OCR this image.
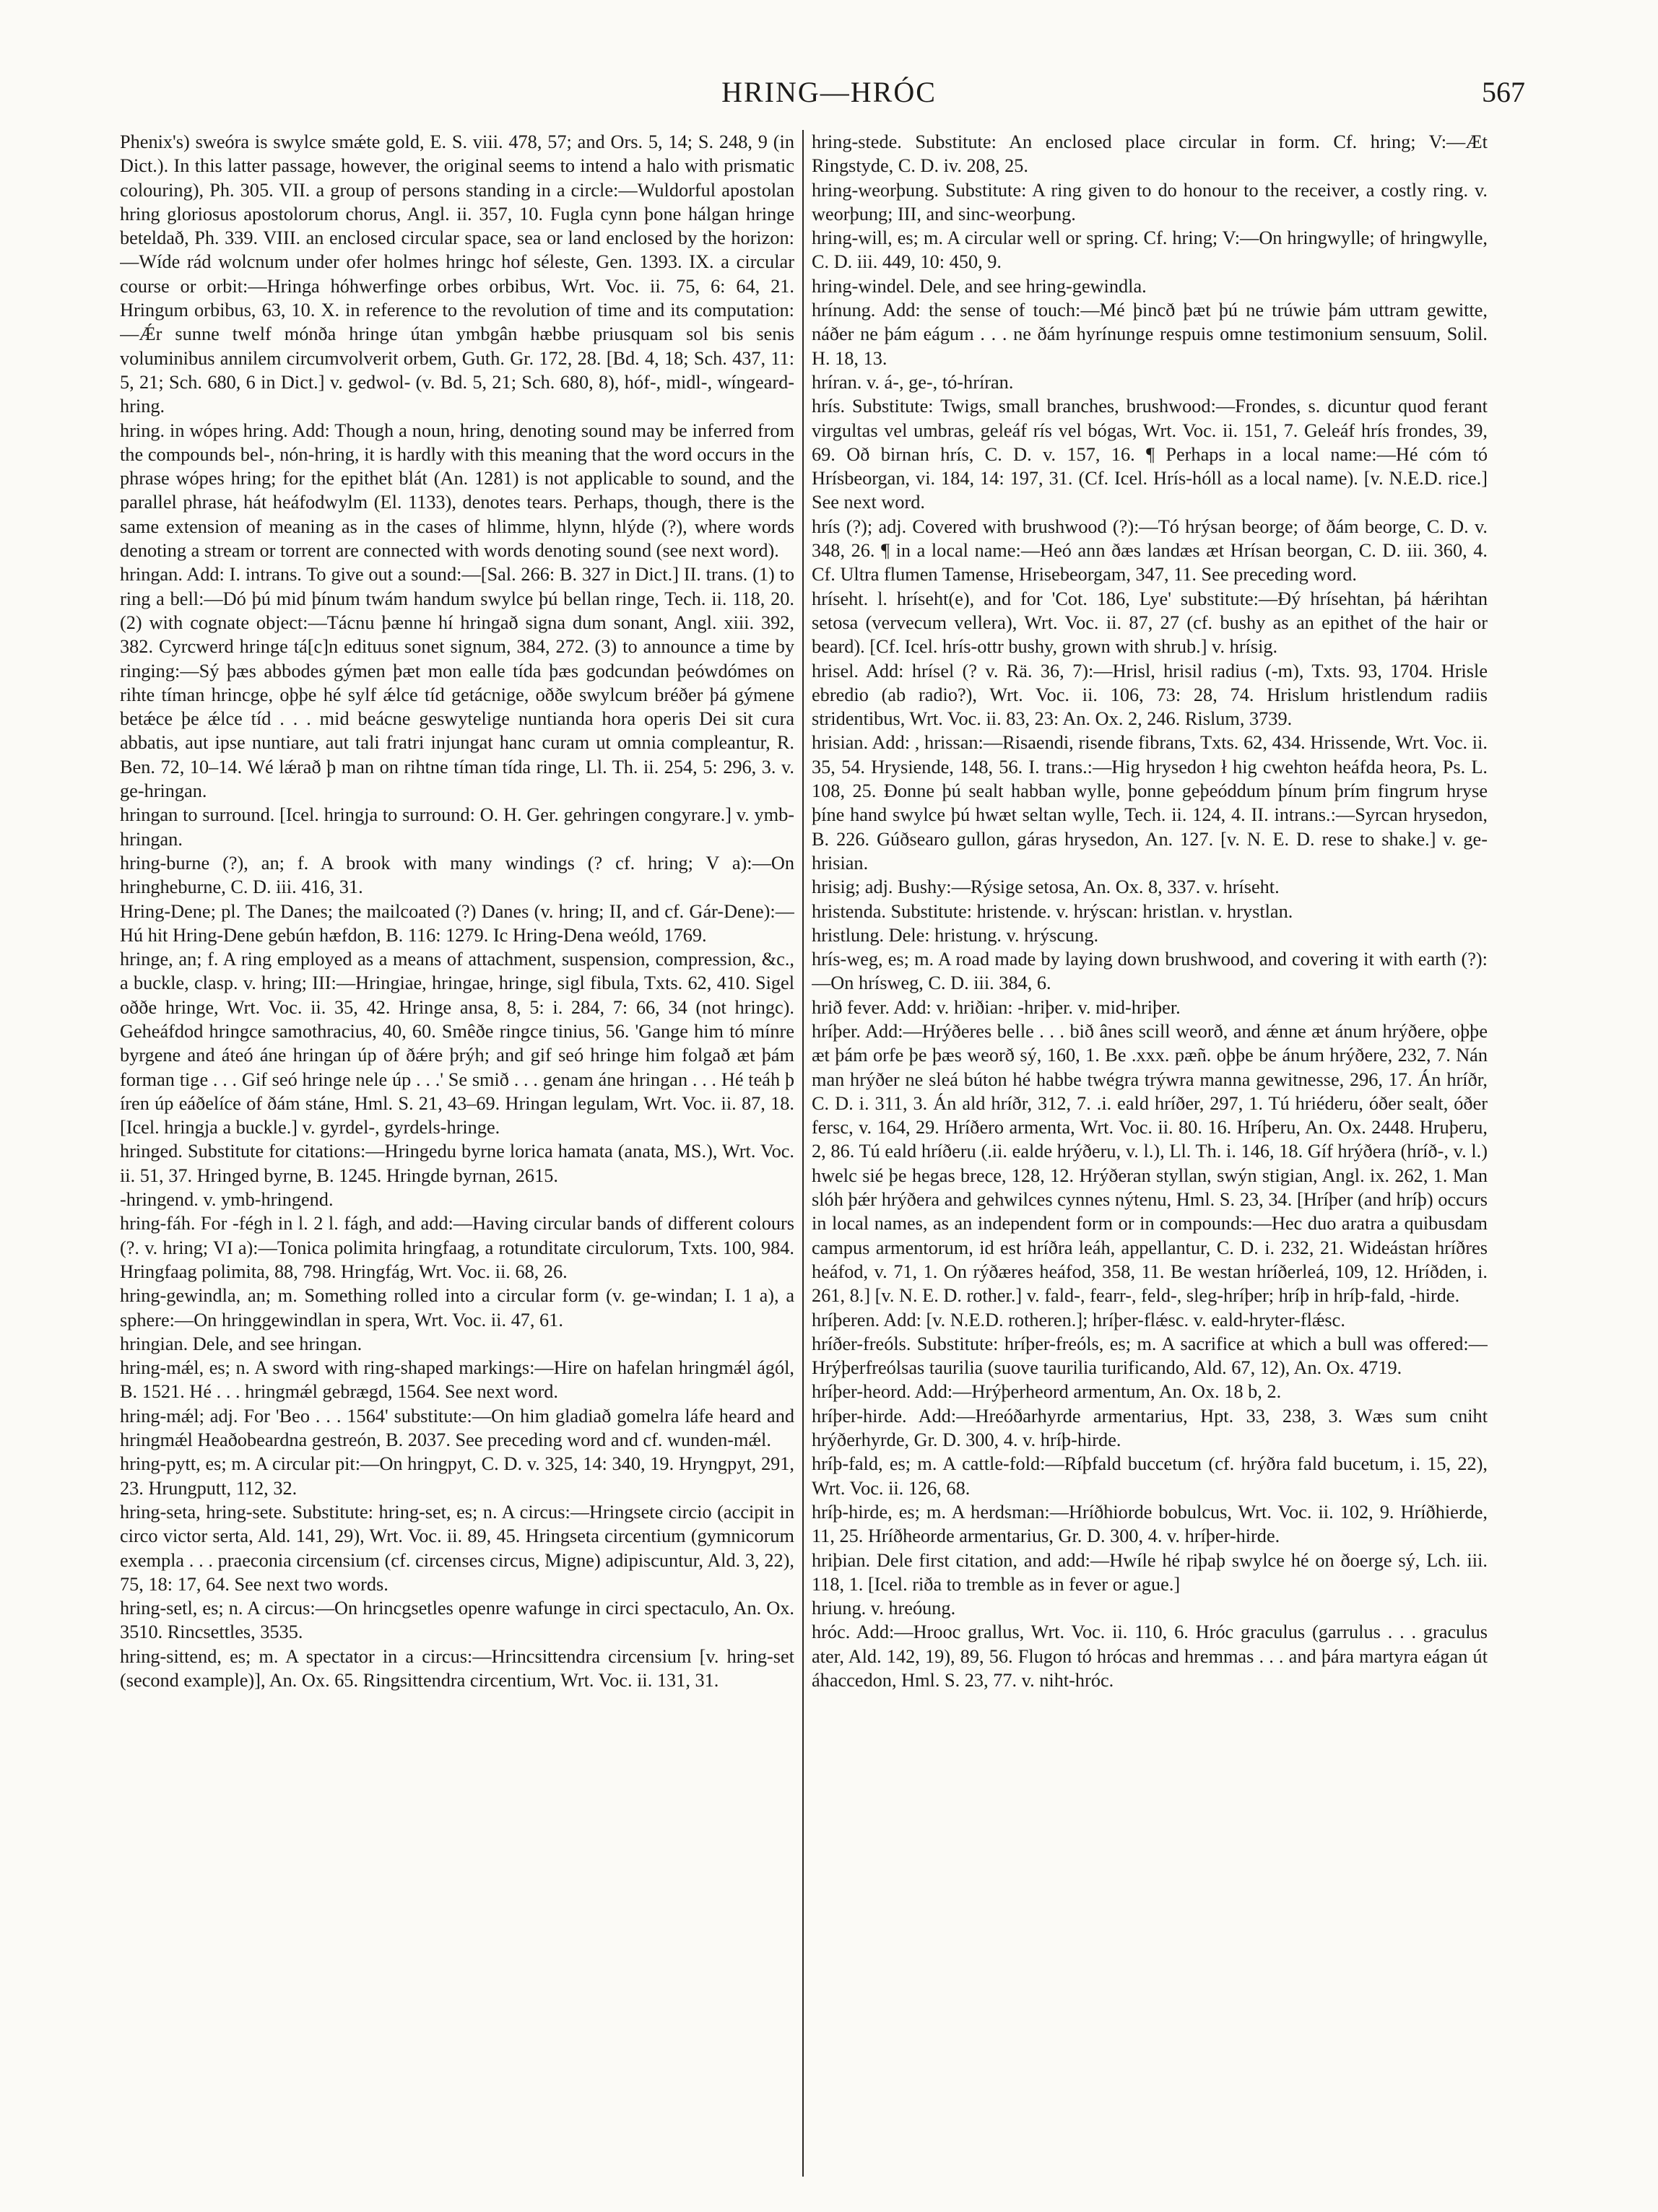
HRING—HRÓC	567

Phenix's) sweóra is swylce smǽte gold, E. S. viii. 478, 57; and Ors. 5, 14; S. 248, 9 (in Dict.). In this latter passage, however, the original seems to intend a halo with prismatic colouring), Ph. 305. VII. a group of persons standing in a circle:—Wuldorful apostolan hring gloriosus apostolorum chorus, Angl. ii. 357, 10. Fugla cynn þone hálgan hringe beteldað, Ph. 339. VIII. an enclosed circular space, sea or land enclosed by the horizon:—Wíde rád wolcnum under ofer holmes hringc hof séleste, Gen. 1393. IX. a circular course or orbit:—Hringa hóhwerfinge orbes orbibus, Wrt. Voc. ii. 75, 6: 64, 21. Hringum orbibus, 63, 10. X. in reference to the revolution of time and its computation:—Ǽr sunne twelf mónða hringe útan ymbgân hæbbe priusquam sol bis senis voluminibus annilem circumvolverit orbem, Guth. Gr. 172, 28. [Bd. 4, 18; Sch. 437, 11: 5, 21; Sch. 680, 6 in Dict.] v. gedwol- (v. Bd. 5, 21; Sch. 680, 8), hóf-, midl-, wíngeard-hring.

hring. in wópes hring. Add: Though a noun, hring, denoting sound may be inferred from the compounds bel-, nón-hring, it is hardly with this meaning that the word occurs in the phrase wópes hring; for the epithet blát (An. 1281) is not applicable to sound, and the parallel phrase, hát heáfodwylm (El. 1133), denotes tears. Perhaps, though, there is the same extension of meaning as in the cases of hlimme, hlynn, hlýde (?), where words denoting a stream or torrent are connected with words denoting sound (see next word).

hringan. Add: I. intrans. To give out a sound:—[Sal. 266: B. 327 in Dict.] II. trans. (1) to ring a bell:—Dó þú mid þínum twám handum swylce þú bellan ringe, Tech. ii. 118, 20. (2) with cognate object:—Tácnu þænne hí hringað signa dum sonant, Angl. xiii. 392, 382. Cyrcwerd hringe tá[c]n edituus sonet signum, 384, 272. (3) to announce a time by ringing:—Sý þæs abbodes gýmen þæt mon ealle tída þæs godcundan þeówdómes on rihte tíman hrincge, oþþe hé sylf ǽlce tíd getácnige, oððe swylcum bréðer þá gýmene betǽce þe ǽlce tíd . . . mid beácne geswytelige nuntianda hora operis Dei sit cura abbatis, aut ipse nuntiare, aut tali fratri injungat hanc curam ut omnia compleantur, R. Ben. 72, 10–14. Wé lǽrað þ man on rihtne tíman tída ringe, Ll. Th. ii. 254, 5: 296, 3. v. ge-hringan.

hringan to surround. [Icel. hringja to surround: O. H. Ger. gehringen congyrare.] v. ymb-hringan.

hring-burne (?), an; f. A brook with many windings (? cf. hring; V a):—On hringheburne, C. D. iii. 416, 31.

Hring-Dene; pl. The Danes; the mailcoated (?) Danes (v. hring; II, and cf. Gár-Dene):—Hú hit Hring-Dene gebún hæfdon, B. 116: 1279. Ic Hring-Dena weóld, 1769.

hringe, an; f. A ring employed as a means of attachment, suspension, compression, &c., a buckle, clasp. v. hring; III:—Hringiae, hringae, hringe, sigl fibula, Txts. 62, 410. Sigel oððe hringe, Wrt. Voc. ii. 35, 42. Hringe ansa, 8, 5: i. 284, 7: 66, 34 (not hringc). Geheáfdod hringce samothracius, 40, 60. Smêðe ringce tinius, 56. 'Gange him tó mínre byrgene and áteó áne hringan úp of ðǽre þrýh; and gif seó hringe him folgað æt þám forman tige . . . Gif seó hringe nele úp . . .' Se smið . . . genam áne hringan . . . Hé teáh þ íren úp eáðelíce of ðám stáne, Hml. S. 21, 43–69. Hringan legulam, Wrt. Voc. ii. 87, 18. [Icel. hringja a buckle.] v. gyrdel-, gyrdels-hringe.

hringed. Substitute for citations:—Hringedu byrne lorica hamata (anata, MS.), Wrt. Voc. ii. 51, 37. Hringed byrne, B. 1245. Hringde byrnan, 2615.

-hringend. v. ymb-hringend.

hring-fáh. For -fégh in l. 2 l. fágh, and add:—Having circular bands of different colours (?. v. hring; VI a):—Tonica polimita hringfaag, a rotunditate circulorum, Txts. 100, 984. Hringfaag polimita, 88, 798. Hringfág, Wrt. Voc. ii. 68, 26.

hring-gewindla, an; m. Something rolled into a circular form (v. ge-windan; I. 1 a), a sphere:—On hringgewindlan in spera, Wrt. Voc. ii. 47, 61.

hringian. Dele, and see hringan.

hring-mǽl, es; n. A sword with ring-shaped markings:—Hire on hafelan hringmǽl ágól, B. 1521. Hé . . . hringmǽl gebrægd, 1564. See next word.

hring-mǽl; adj. For 'Beo . . . 1564' substitute:—On him gladiað gomelra láfe heard and hringmǽl Heaðobeardna gestreón, B. 2037. See preceding word and cf. wunden-mǽl.

hring-pytt, es; m. A circular pit:—On hringpyt, C. D. v. 325, 14: 340, 19. Hryngpyt, 291, 23. Hrungputt, 112, 32.

hring-seta, hring-sete. Substitute: hring-set, es; n. A circus:—Hringsete circio (accipit in circo victor serta, Ald. 141, 29), Wrt. Voc. ii. 89, 45. Hringseta circentium (gymnicorum exempla . . . praeconia circensium (cf. circenses circus, Migne) adipiscuntur, Ald. 3, 22), 75, 18: 17, 64. See next two words.

hring-setl, es; n. A circus:—On hrincgsetles openre wafunge in circi spectaculo, An. Ox. 3510. Rincsettles, 3535.

hring-sittend, es; m. A spectator in a circus:—Hrincsittendra circensium [v. hring-set (second example)], An. Ox. 65. Ringsittendra circentium, Wrt. Voc. ii. 131, 31.

hring-stede. Substitute: An enclosed place circular in form. Cf. hring; V:—Æt Ringstyde, C. D. iv. 208, 25.

hring-weorþung. Substitute: A ring given to do honour to the receiver, a costly ring. v. weorþung; III, and sinc-weorþung.

hring-will, es; m. A circular well or spring. Cf. hring; V:—On hringwylle; of hringwylle, C. D. iii. 449, 10: 450, 9.

hring-windel. Dele, and see hring-gewindla.

hrínung. Add: the sense of touch:—Mé þincð þæt þú ne trúwie þám uttram gewitte, náðer ne þám eágum . . . ne ðám hyrínunge respuis omne testimonium sensuum, Solil. H. 18, 13.

hríran. v. á-, ge-, tó-hríran.

hrís. Substitute: Twigs, small branches, brushwood:—Frondes, s. dicuntur quod ferant virgultas vel umbras, geleáf rís vel bógas, Wrt. Voc. ii. 151, 7. Geleáf hrís frondes, 39, 69. Oð birnan hrís, C. D. v. 157, 16. ¶ Perhaps in a local name:—Hé cóm tó Hrísbeorgan, vi. 184, 14: 197, 31. (Cf. Icel. Hrís-hóll as a local name). [v. N.E.D. rice.] See next word.

hrís (?); adj. Covered with brushwood (?):—Tó hrýsan beorge; of ðám beorge, C. D. v. 348, 26. ¶ in a local name:—Heó ann ðæs landæs æt Hrísan beorgan, C. D. iii. 360, 4. Cf. Ultra flumen Tamense, Hrisebeorgam, 347, 11. See preceding word.

hríseht. l. hríseht(e), and for 'Cot. 186, Lye' substitute:—Ðý hrísehtan, þá hǽrihtan setosa (vervecum vellera), Wrt. Voc. ii. 87, 27 (cf. bushy as an epithet of the hair or beard). [Cf. Icel. hrís-ottr bushy, grown with shrub.] v. hrísig.

hrisel. Add: hrísel (? v. Rä. 36, 7):—Hrisl, hrisil radius (-m), Txts. 93, 1704. Hrisle ebredio (ab radio?), Wrt. Voc. ii. 106, 73: 28, 74. Hrislum hristlendum radiis stridentibus, Wrt. Voc. ii. 83, 23: An. Ox. 2, 246. Rislum, 3739.

hrisian. Add: , hrissan:—Risaendi, risende fibrans, Txts. 62, 434. Hrissende, Wrt. Voc. ii. 35, 54. Hrysiende, 148, 56. I. trans.:—Hig hrysedon ł hig cwehton heáfda heora, Ps. L. 108, 25. Ðonne þú sealt habban wylle, þonne geþeóddum þínum þrím fingrum hryse þíne hand swylce þú hwæt seltan wylle, Tech. ii. 124, 4. II. intrans.:—Syrcan hrysedon, B. 226. Gúðsearo gullon, gáras hrysedon, An. 127. [v. N. E. D. rese to shake.] v. ge-hrisian.

hrisig; adj. Bushy:—Rýsige setosa, An. Ox. 8, 337. v. hríseht.

hristenda. Substitute: hristende. v. hrýscan: hristlan. v. hrystlan.

hristlung. Dele: hristung. v. hrýscung.

hrís-weg, es; m. A road made by laying down brushwood, and covering it with earth (?):—On hrísweg, C. D. iii. 384, 6.

hrið fever. Add: v. hriðian: -hriþer. v. mid-hriþer.

hríþer. Add:—Hrýðeres belle . . . bið ânes scill weorð, and ǽnne æt ánum hrýðere, oþþe æt þám orfe þe þæs weorð sý, 160, 1. Be .xxx. pæñ. oþþe be ánum hrýðere, 232, 7. Nán man hrýðer ne sleá búton hé habbe twégra trýwra manna gewitnesse, 296, 17. Án hríðr, C. D. i. 311, 3. Án ald hríðr, 312, 7. .i. eald hríðer, 297, 1. Tú hriéderu, óðer sealt, óðer fersc, v. 164, 29. Hríðero armenta, Wrt. Voc. ii. 80. 16. Hríþeru, An. Ox. 2448. Hruþeru, 2, 86. Tú eald hríðeru (.ii. ealde hrýðeru, v. l.), Ll. Th. i. 146, 18. Gíf hrýðera (hríð-, v. l.) hwelc sié þe hegas brece, 128, 12. Hrýðeran styllan, swýn stigian, Angl. ix. 262, 1. Man slóh þǽr hrýðera and gehwilces cynnes nýtenu, Hml. S. 23, 34. [Hríþer (and hríþ) occurs in local names, as an independent form or in compounds:—Hec duo aratra a quibusdam campus armentorum, id est hríðra leáh, appellantur, C. D. i. 232, 21. Wideástan hríðres heáfod, v. 71, 1. On rýðæres heáfod, 358, 11. Be westan hríðerleá, 109, 12. Hríðden, i. 261, 8.] [v. N. E. D. rother.] v. fald-, fearr-, feld-, sleg-hríþer; hríþ in hríþ-fald, -hirde.

hríþeren. Add: [v. N.E.D. rotheren.]; hríþer-flǽsc. v. eald-hryter-flǽsc.

hríðer-freóls. Substitute: hríþer-freóls, es; m. A sacrifice at which a bull was offered:—Hrýþerfreólsas taurilia (suove taurilia turificando, Ald. 67, 12), An. Ox. 4719.

hríþer-heord. Add:—Hrýþerheord armentum, An. Ox. 18 b, 2.

hríþer-hirde. Add:—Hreóðarhyrde armentarius, Hpt. 33, 238, 3. Wæs sum cniht hrýðerhyrde, Gr. D. 300, 4. v. hríþ-hirde.

hríþ-fald, es; m. A cattle-fold:—Ríþfald buccetum (cf. hrýðra fald bucetum, i. 15, 22), Wrt. Voc. ii. 126, 68.

hríþ-hirde, es; m. A herdsman:—Hríðhiorde bobulcus, Wrt. Voc. ii. 102, 9. Hríðhierde, 11, 25. Hríðheorde armentarius, Gr. D. 300, 4. v. hríþer-hirde.

hriþian. Dele first citation, and add:—Hwíle hé riþaþ swylce hé on ðoerge sý, Lch. iii. 118, 1. [Icel. riða to tremble as in fever or ague.]

hriung. v. hreóung.

hróc. Add:—Hrooc grallus, Wrt. Voc. ii. 110, 6. Hróc graculus (garrulus . . . graculus ater, Ald. 142, 19), 89, 56. Flugon tó hrócas and hremmas . . . and þára martyra eágan út áhaccedon, Hml. S. 23, 77. v. niht-hróc.
